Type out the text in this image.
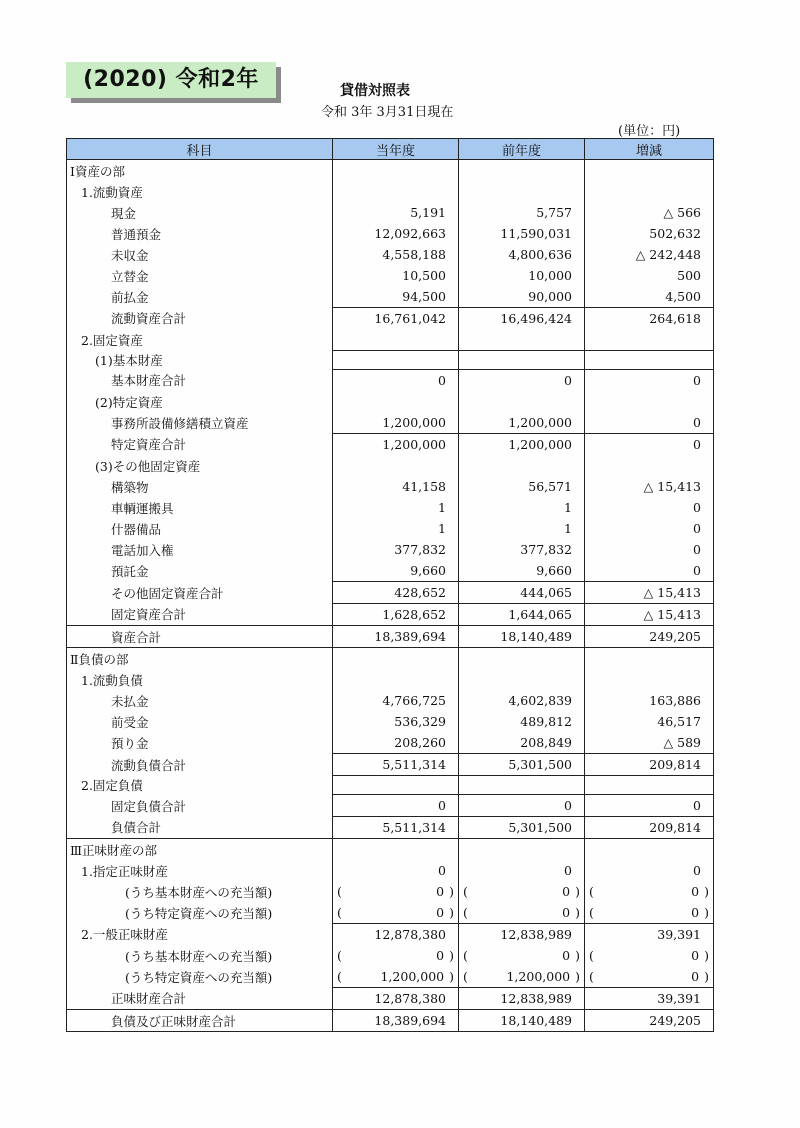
(2020) 令和2年	貸借対照表
令和 3年 3月31日現在
(単位：円)
科目	当年度	前年度	増減
Ⅰ資産の部			
1.流動資産			
現金	5,191	5,757	△ 566
普通預金	12,092,663	11,590,031	502,632
未収金	4,558,188	4,800,636	△ 242,448
立替金	10,500	10,000	500
前払金	94,500	90,000	4,500
流動資産合計	16,761,042	16,496,424	264,618
2.固定資産			
(1)基本財産			
基本財産合計	0	0	0
(2)特定資産			
事務所設備修繕積立資産	1,200,000	1,200,000	0
特定資産合計	1,200,000	1,200,000	0
(3)その他固定資産			
構築物	41,158	56,571	△ 15,413
車輌運搬具	1	1	0
什器備品	1	1	0
電話加入権	377,832	377,832	0
預託金	9,660	9,660	0
その他固定資産合計	428,652	444,065	△ 15,413
固定資産合計	1,628,652	1,644,065	△ 15,413
資産合計	18,389,694	18,140,489	249,205
Ⅱ負債の部			
1.流動負債			
未払金	4,766,725	4,602,839	163,886
前受金	536,329	489,812	46,517
預り金	208,260	208,849	△ 589
流動負債合計	5,511,314	5,301,500	209,814
2.固定負債			
固定負債合計	0	0	0
負債合計	5,511,314	5,301,500	209,814
Ⅲ正味財産の部			
1.指定正味財産	0	0	0
(うち基本財産への充当額)	( 0 )	( 0 )	( 0 )

(うち特定資産への充当額)	( 0 )	( 0 )	( 0 )

2.一般正味財産	12,878,380	12,838,989	39,391
(うち基本財産への充当額)	( 0 )	( 0 )	( 0 )

(うち特定資産への充当額)	( 1,200,000 )	( 1,200,000 )	( 0 )

正味財産合計	12,878,380	12,838,989	39,391
負債及び正味財産合計	18,389,694	18,140,489	249,205
